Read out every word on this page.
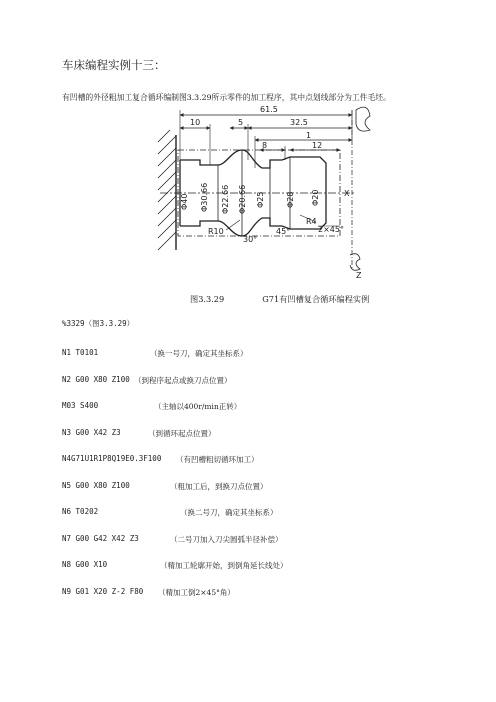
车床编程实例十三：
有凹槽的外径粗加工复合循环编制图3.3.29所示零件的加工程序，其中点划线部分为工件毛坯。
61.5
10	5	32.5
1
8	12
R10
30°
45°
R4
2×45°
X
Z
Φ40 Φ30.66 Φ22.66 Φ20.66 Φ25	Φ28 Φ20
图3.3.29	G71有凹槽复合循环编程实例
%3329（图3.3.29）
N1 T0101	（换一号刀，确定其坐标系）
N2 G00 X80 Z100 （到程序起点或换刀点位置）
M03 S400	（主轴以400r/min正转）
N3 G00 X42 Z3	（到循环起点位置）
N4G71U1R1P8Q19E0.3F100 （有凹槽粗切循环加工）
N5 G00 X80 Z100	（粗加工后，到换刀点位置）
N6 T0202	（换二号刀，确定其坐标系）
N7 G00 G42 X42 Z3	（二号刀加入刀尖圆弧半径补偿）
N8 G00 X10	（精加工轮廓开始，到倒角延长线处）
N9 G01 X20 Z-2 F80 （精加工倒2×45°角）
